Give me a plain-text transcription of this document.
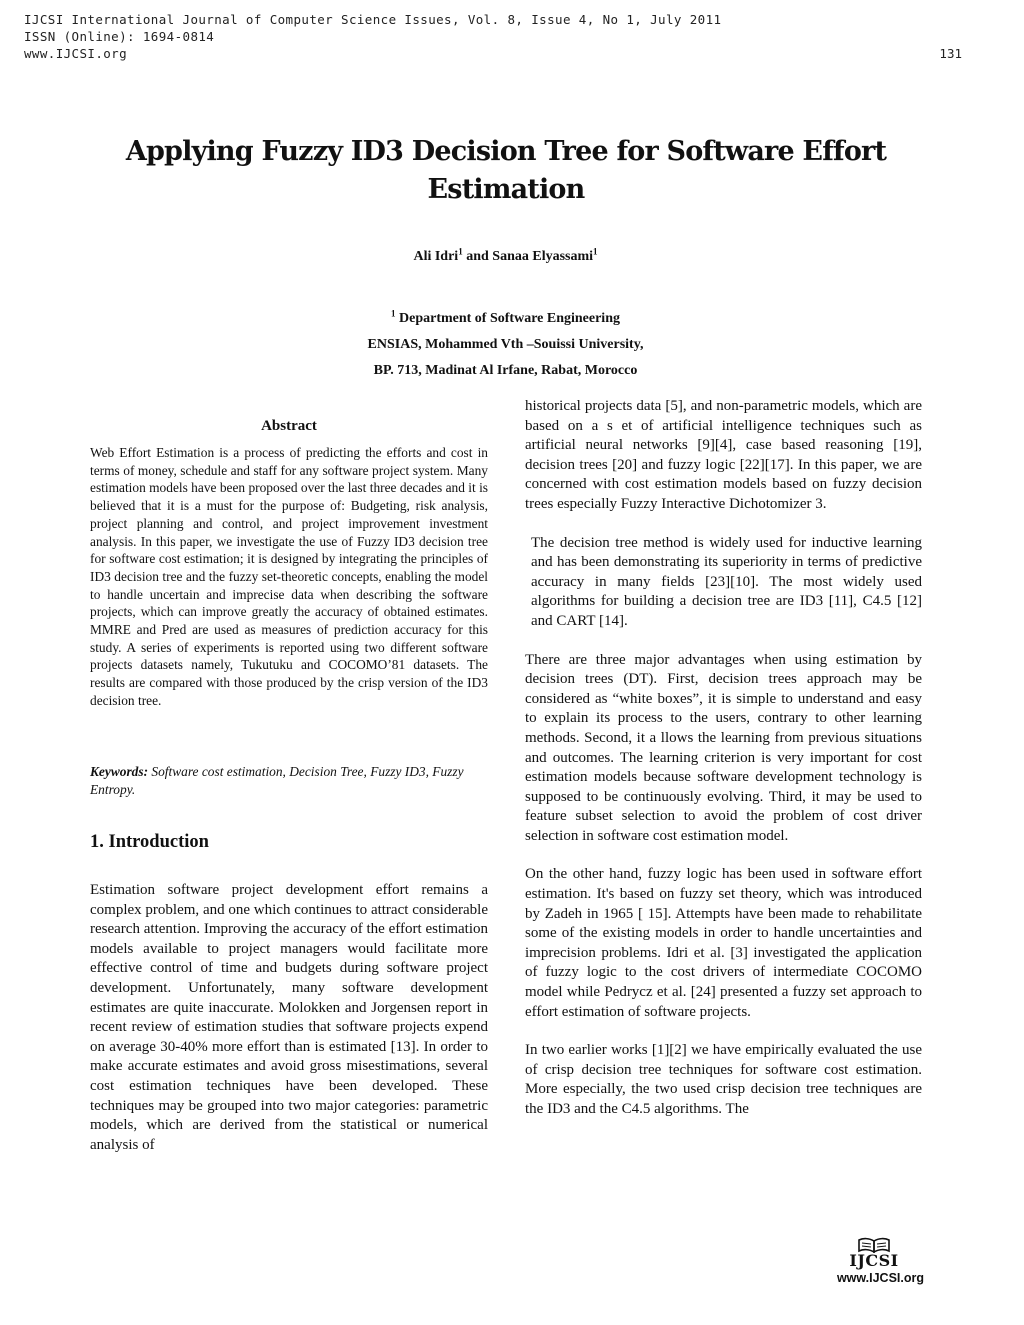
IJCSI International Journal of Computer Science Issues, Vol. 8, Issue 4, No 1, July 2011
ISSN (Online): 1694-0814
www.IJCSI.org	131
Applying Fuzzy ID3 Decision Tree for Software Effort
Estimation
Ali Idri$^1$ and Sanaa Elyassami$^1$
$^1$ Department of Software Engineering
ENSIAS, Mohammed Vth –Souissi University,
BP. 713, Madinat Al Irfane, Rabat, Morocco
Abstract

Web Effort Estimation is a process of predicting the efforts and cost in terms of money, schedule and staff for any software project system. Many estimation models have been proposed over the last three decades and it is believed that it is a must for the purpose of: Budgeting, risk analysis, project planning and control, and project improvement investment analysis. In this paper, we investigate the use of Fuzzy ID3 decision tree for software cost estimation; it is designed by integrating the principles of ID3 decision tree and the fuzzy set-theoretic concepts, enabling the model to handle uncertain and imprecise data when describing the software projects, which can improve greatly the accuracy of obtained estimates. MMRE and Pred are used as measures of prediction accuracy for this study. A series of experiments is reported using two different software projects datasets namely, Tukutuku and COCOMO’81 datasets. The results are compared with those produced by the crisp version of the ID3 decision tree.

Keywords: Software cost estimation, Decision Tree, Fuzzy ID3, Fuzzy Entropy.

1. Introduction

Estimation software project development effort remains a complex problem, and one which continues to attract considerable research attention. Improving the accuracy of the effort estimation models available to project managers would facilitate more effective control of time and budgets during software project development. Unfortunately, many software development estimates are quite inaccurate. Molokken and Jorgensen report in recent review of estimation studies that software projects expend on average 30-40% more effort than is estimated [13]. In order to make accurate estimates and avoid gross misestimations, several cost estimation techniques have been developed. These techniques may be grouped into two major categories: parametric models, which are derived from the statistical or numerical analysis of

historical projects data [5], and non-parametric models, which are based on a s et of artificial intelligence techniques such as artificial neural networks [9][4], case based reasoning [19], decision trees [20] and fuzzy logic [22][17]. In this paper, we are concerned with cost estimation models based on fuzzy decision trees especially Fuzzy Interactive Dichotomizer 3.

The decision tree method is widely used for inductive learning and has been demonstrating its superiority in terms of predictive accuracy in many fields [23][10]. The most widely used algorithms for building a decision tree are ID3 [11], C4.5 [12] and CART [14].

There are three major advantages when using estimation by decision trees (DT). First, decision trees approach may be considered as “white boxes”, it is simple to understand and easy to explain its process to the users, contrary to other learning methods. Second, it a llows the learning from previous situations and outcomes. The learning criterion is very important for cost estimation models because software development technology is supposed to be continuously evolving. Third, it may be used to feature subset selection to avoid the problem of cost driver selection in software cost estimation model.

On the other hand, fuzzy logic has been used in software effort estimation. It's based on fuzzy set theory, which was introduced by Zadeh in 1965 [ 15]. Attempts have been made to rehabilitate some of the existing models in order to handle uncertainties and imprecision problems. Idri et al. [3] investigated the application of fuzzy logic to the cost drivers of intermediate COCOMO model while Pedrycz et al. [24] presented a fuzzy set approach to effort estimation of software projects.

In two earlier works [1][2] we have empirically evaluated the use of crisp decision tree techniques for software cost estimation. More especially, the two used crisp decision tree techniques are the ID3 and the C4.5 algorithms. The

IJCSI
www.IJCSI.org
